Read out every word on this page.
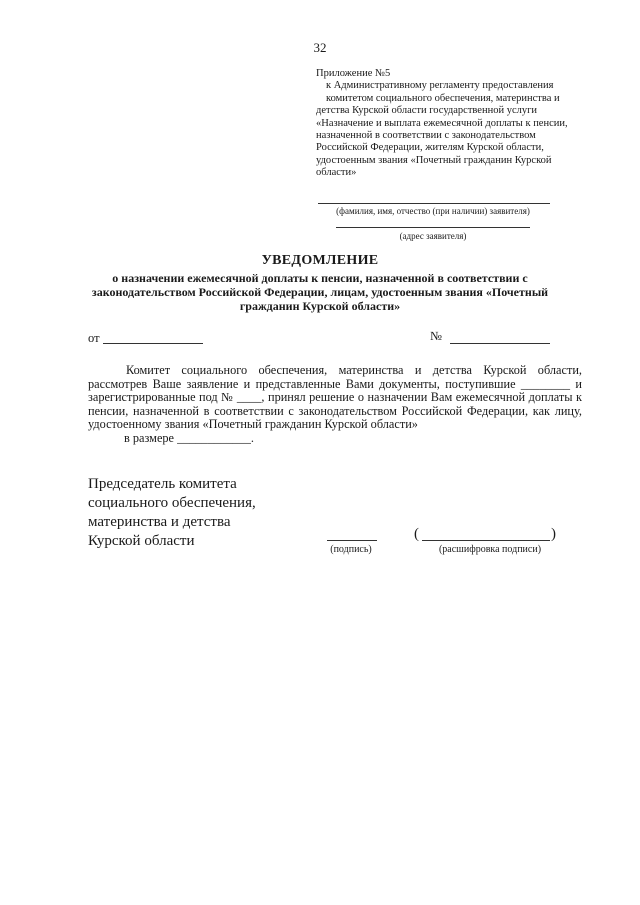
32
Приложение №5
к Административному регламенту предоставления
комитетом социального обеспечения, материнства и
детства Курской области государственной услуги
«Назначение и выплата ежемесячной доплаты к пенсии,
назначенной в соответствии с законодательством
Российской Федерации, жителям Курской области,
удостоенным звания «Почетный гражданин Курской
области»
(фамилия, имя, отчество (при наличии) заявителя)
(адрес заявителя)
УВЕДОМЛЕНИЕ
о назначении ежемесячной доплаты к пенсии, назначенной в соответствии с законодательством Российской Федерации, лицам, удостоенным звания «Почетный гражданин Курской области»
от	№

Комитет социального обеспечения, материнства и детства Курской области, рассмотрев Ваше заявление и представленные Вами документы, поступившие ________ и зарегистрированные под № ____, принял решение о назначении Вам ежемесячной доплаты к пенсии, назначенной в соответствии с законодательством Российской Федерации, как лицу, удостоенному звания «Почетный гражданин Курской области»

в размере ____________.

Председатель комитета
социального обеспечения,
материнства и детства
Курской области
(подпись)
(	)
(расшифровка подписи)
